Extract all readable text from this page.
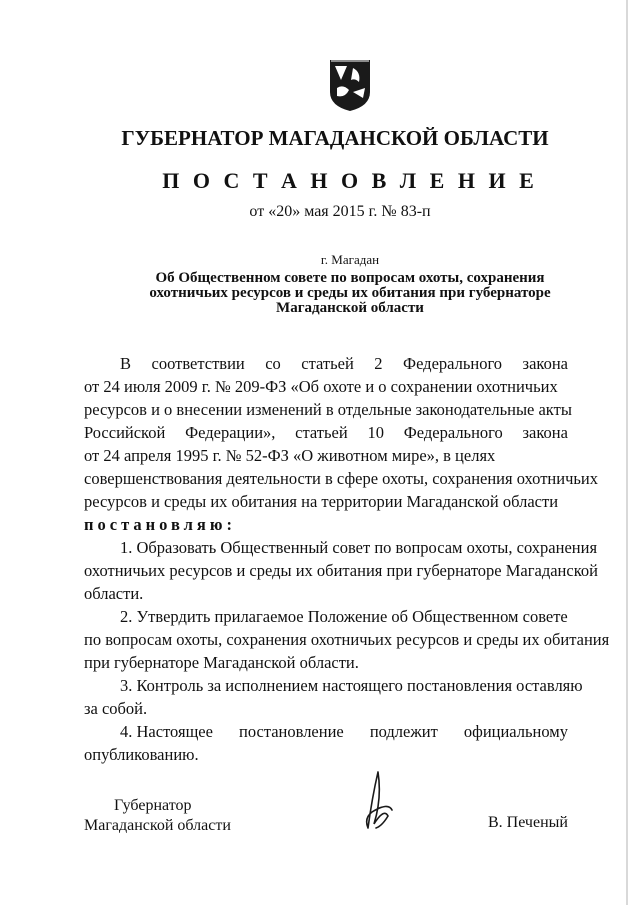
ГУБЕРНАТОР МАГАДАНСКОЙ ОБЛАСТИ
П О С Т А Н О В Л Е Н И Е
от «20» мая 2015 г. № 83-п
г. Магадан
Об Общественном совете по вопросам охоты, сохранения
охотничьих ресурсов и среды их обитания при губернаторе
Магаданской области
В соответствии со статьей 2 Федерального закона
от 24 июля 2009 г. № 209-ФЗ «Об охоте и о сохранении охотничьих
ресурсов и о внесении изменений в отдельные законодательные акты
Российской Федерации», статьей 10 Федерального закона
от 24 апреля 1995 г. № 52-ФЗ «О животном мире», в целях
совершенствования деятельности в сфере охоты, сохранения охотничьих
ресурсов и среды их обитания на территории Магаданской области
постановляю:
1. Образовать Общественный совет по вопросам охоты, сохранения
охотничьих ресурсов и среды их обитания при губернаторе Магаданской
области.
2. Утвердить прилагаемое Положение об Общественном совете
по вопросам охоты, сохранения охотничьих ресурсов и среды их обитания
при губернаторе Магаданской области.
3. Контроль за исполнением настоящего постановления оставляю
за собой.
4. Настоящее постановление подлежит официальному
опубликованию.
Губернатор
Магаданской области	В. Печеный
